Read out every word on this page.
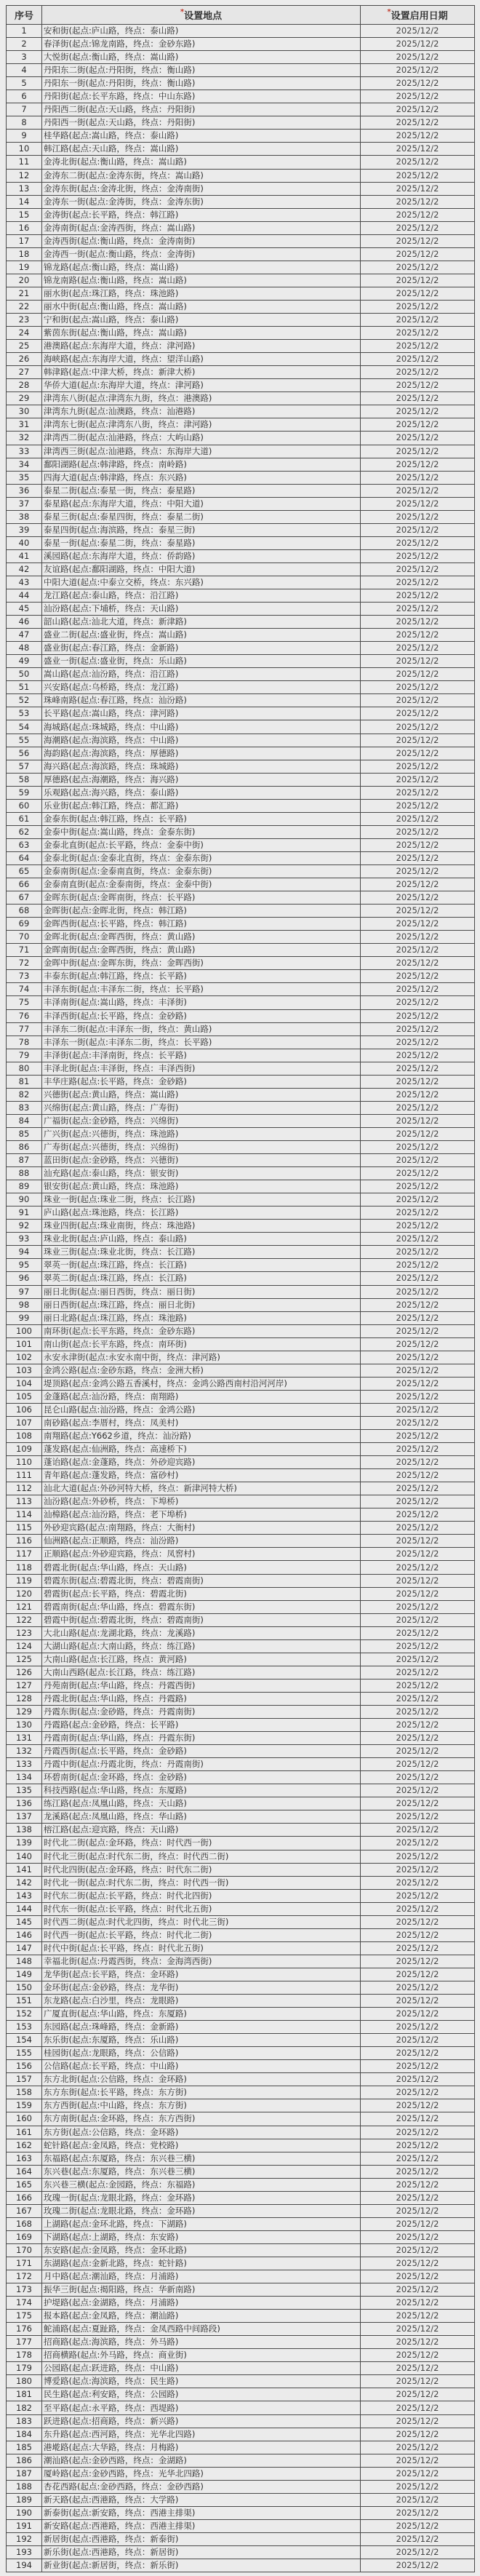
序号	*设置地点	*设置启用日期
1	安和街(起点:庐山路，终点：泰山路)	2025/12/2
2	春泽街(起点:锦龙南路，终点：金砂东路)	2025/12/2
3	大悦街(起点:衡山路，终点：嵩山路)	2025/12/2
4	丹阳东二街(起点:丹阳街，终点：衡山路)	2025/12/2
5	丹阳东一街(起点:丹阳街，终点：衡山路)	2025/12/2
6	丹阳街(起点:长平东路，终点：中山东路)	2025/12/2
7	丹阳西二街(起点:天山路，终点：丹阳街)	2025/12/2
8	丹阳西一街(起点:天山路，终点：丹阳街)	2025/12/2
9	桂华路(起点:嵩山路，终点：泰山路)	2025/12/2
10	韩江路(起点:天山路，终点：嵩山路)	2025/12/2
11	金涛北街(起点:衡山路，终点：嵩山路)	2025/12/2
12	金涛东二街(起点:金涛东街，终点：嵩山路)	2025/12/2
13	金涛东街(起点:金涛北街，终点：金涛南街)	2025/12/2
14	金涛东一街(起点:金涛街，终点：金涛东街)	2025/12/2
15	金涛街(起点:长平路，终点：韩江路)	2025/12/2
16	金涛南街(起点:金涛西街，终点：嵩山路)	2025/12/2
17	金涛西街(起点:衡山路，终点：金涛南街)	2025/12/2
18	金涛西一街(起点:衡山路，终点：金涛街)	2025/12/2
19	锦龙路(起点:衡山路，终点：嵩山路)	2025/12/2
20	锦龙南路(起点:衡山路，终点：嵩山路)	2025/12/2
21	丽水街(起点:珠江路，终点：珠池路)	2025/12/2
22	丽水中街(起点:衡山路，终点：嵩山路)	2025/12/2
23	宁和街(起点:嵩山路，终点：泰山路)	2025/12/2
24	紫茵东街(起点:衡山路，终点：嵩山路)	2025/12/2
25	港澳路(起点:东海岸大道，终点：津河路)	2025/12/2
26	海峡路(起点:东海岸大道，终点：望洋山路)	2025/12/2
27	韩津路(起点:中津大桥，终点：新津大桥)	2025/12/2
28	华侨大道(起点:东海岸大道，终点：津河路)	2025/12/2
29	津湾东八街(起点:津湾东九街，终点：港澳路)	2025/12/2
30	津湾东九街(起点:汕澳路，终点：汕港路)	2025/12/2
31	津湾东七街(起点:津湾东八街，终点：津河路)	2025/12/2
32	津湾西二街(起点:汕港路，终点：大屿山路)	2025/12/2
33	津湾西三街(起点:汕港路，终点：东海岸大道)	2025/12/2
34	鄱阳湖路(起点:韩津路，终点：南岭路)	2025/12/2
35	四海大道(起点:韩津路，终点：东兴路)	2025/12/2
36	泰星二街(起点:泰星一街，终点：泰星路)	2025/12/2
37	泰星路(起点:东海岸大道，终点：中阳大道)	2025/12/2
38	泰星三街(起点:泰星四街，终点：泰星二街)	2025/12/2
39	泰星四街(起点:海滨路，终点：泰星三街)	2025/12/2
40	泰星一街(起点:泰星二街，终点：泰星路)	2025/12/2
41	溪园路(起点:东海岸大道，终点：侨韵路)	2025/12/2
42	友谊路(起点:鄱阳湖路，终点：中阳大道)	2025/12/2
43	中阳大道(起点:中泰立交桥，终点：东兴路)	2025/12/2
44	龙江路(起点:泰山路，终点：沿江路)	2025/12/2
45	汕汾路(起点:下埔桥，终点：天山路)	2025/12/2
46	韶山路(起点:汕北大道，终点：新津路)	2025/12/2
47	盛业二街(起点:盛业街，终点：嵩山路)	2025/12/2
48	盛业街(起点:春江路，终点：金新路)	2025/12/2
49	盛业一街(起点:盛业街，终点：乐山路)	2025/12/2
50	嵩山路(起点:汕汾路，终点：沿江路)	2025/12/2
51	兴安路(起点:乌桥路，终点：龙江路)	2025/12/2
52	珠峰南路(起点:春江路，终点：汕汾路)	2025/12/2
53	长平路(起点:嵩山路，终点：津河路)	2025/12/2
54	海城路(起点:珠城路，终点：中山路)	2025/12/2
55	海潮路(起点:海滨路，终点：中山路)	2025/12/2
56	海韵路(起点:海滨路，终点：厚德路)	2025/12/2
57	海兴路(起点:海滨路，终点：珠城路)	2025/12/2
58	厚德路(起点:海潮路，终点：海兴路)	2025/12/2
59	乐观路(起点:海兴路，终点：泰山路)	2025/12/2
60	乐业街(起点:韩江路，终点：都汇路)	2025/12/2
61	金泰东街(起点:韩江路，终点：长平路)	2025/12/2
62	金泰中街(起点:嵩山路，终点：金泰东街)	2025/12/2
63	金泰北直街(起点:长平路，终点：金泰中街)	2025/12/2
64	金泰北街(起点:金泰北直街，终点：金泰东街)	2025/12/2
65	金泰南街(起点:金泰南直街，终点：金泰东街)	2025/12/2
66	金泰南直街(起点:金泰南街，终点：金泰中街)	2025/12/2
67	金晖东街(起点:金晖南街，终点：长平路)	2025/12/2
68	金晖街(起点:金晖北街，终点：韩江路)	2025/12/2
69	金晖西街(起点:长平路，终点：韩江路)	2025/12/2
70	金晖北街(起点:金晖西街，终点：黄山路)	2025/12/2
71	金晖南街(起点:金晖西街，终点：黄山路)	2025/12/2
72	金晖中街(起点:金晖东街，终点：金晖西街)	2025/12/2
73	丰泰东街(起点:韩江路，终点：长平路)	2025/12/2
74	丰泽东街(起点:丰泽东二街，终点：长平路)	2025/12/2
75	丰泽南街(起点:嵩山路，终点：丰泽街)	2025/12/2
76	丰泽西街(起点:长平路，终点：金砂路)	2025/12/2
77	丰泽东二街(起点:丰泽东一街，终点：黄山路)	2025/12/2
78	丰泽东一街(起点:丰泽东二街，终点：长平路)	2025/12/2
79	丰泽街(起点:丰泽南街，终点：长平路)	2025/12/2
80	丰泽北街(起点:丰泽街，终点：丰泽西街)	2025/12/2
81	丰华庄路(起点:长平路，终点：金砂路)	2025/12/2
82	兴德街(起点:黄山路，终点：嵩山路)	2025/12/2
83	兴绵街(起点:黄山路，终点：广寿街)	2025/12/2
84	广福街(起点:金砂路，终点：兴绵街)	2025/12/2
85	广兴街(起点:兴德街，终点：珠池路)	2025/12/2
86	广寿街(起点:兴德街，终点：兴绵街)	2025/12/2
87	蓝田街(起点:金砂路，终点：兴德街)	2025/12/2
88	汕充路(起点:泰山路，终点：银安街)	2025/12/2
89	银安街(起点:黄山路，终点：珠池路)	2025/12/2
90	珠业一街(起点:珠业二街，终点：长江路)	2025/12/2
91	庐山路(起点:珠池路，终点：长江路)	2025/12/2
92	珠业四街(起点:珠业南街，终点：珠池路)	2025/12/2
93	珠业北街(起点:庐山路，终点：泰山路)	2025/12/2
94	珠业三街(起点:珠业北街，终点：长江路)	2025/12/2
95	翠英一街(起点:珠江路，终点：长江路)	2025/12/2
96	翠英二街(起点:珠江路，终点：长江路)	2025/12/2
97	丽日北街(起点:丽日西街，终点：丽日街)	2025/12/2
98	丽日西街(起点:珠江路，终点：丽日北街)	2025/12/2
99	丽日北路(起点:珠江路，终点：珠池路)	2025/12/2
100	南环街(起点:长平东路，终点：金砂东路)	2025/12/2
101	南山街(起点:长平东路，终点：南环街)	2025/12/2
102	永安永津街(起点:永安永南中街，终点：津河路)	2025/12/2
103	金鸿公路(起点:金砂东路，终点：金洲大桥)	2025/12/2
104	堤顶路(起点:金鸿公路五香溪村，终点：金鸿公路西南村沿河河岸)	2025/12/2
105	金蓬路(起点:汕汾路，终点：南翔路)	2025/12/2
106	昆仑山路(起点:汕汾路，终点：金鸿公路)	2025/12/2
107	南砂路(起点:李厝村，终点：凤美村)	2025/12/2
108	南翔路(起点:Y662乡道，终点：汕汾路)	2025/12/2
109	蓬发路(起点:仙洲路，终点：高速桥下)	2025/12/2
110	蓬诒路(起点:金蓬路，终点：外砂迎宾路)	2025/12/2
111	青年路(起点:蓬发路，终点：富砂村)	2025/12/2
112	汕北大道(起点:外砂河特大桥，终点：新津河特大桥)	2025/12/2
113	汕汾路(起点:外砂桥，终点：下埠桥)	2025/12/2
114	汕樟路(起点:汕汾路，终点：老下埠桥)	2025/12/2
115	外砂迎宾路(起点:南翔路，终点：大衙村)	2025/12/2
116	仙洲路(起点:正顺路，终点：汕汾路)	2025/12/2
117	正顺路(起点:外砂迎宾路，终点：凤窖村)	2025/12/2
118	碧霞北街(起点:华山路，终点：天山路)	2025/12/2
119	碧霞东街(起点:碧霞北街，终点：碧霞南街)	2025/12/2
120	碧霞街(起点:长平路，终点：碧霞北街)	2025/12/2
121	碧霞南街(起点:华山路，终点：碧霞东街)	2025/12/2
122	碧霞中街(起点:碧霞北街，终点：碧霞南街)	2025/12/2
123	大北山路(起点:龙湖北路，终点：龙溪路)	2025/12/2
124	大湖山路(起点:大南山路，终点：练江路)	2025/12/2
125	大南山路(起点:长江路，终点：黄河路)	2025/12/2
126	大南山西路(起点:长江路，终点：练江路)	2025/12/2
127	丹苑南街(起点:华山路，终点：丹霞西街)	2025/12/2
128	丹霞北街(起点:华山路，终点：丹霞路)	2025/12/2
129	丹霞东街(起点:金砂路，终点：丹霞南街)	2025/12/2
130	丹霞路(起点:金砂路，终点：长平路)	2025/12/2
131	丹霞南街(起点:华山路，终点：丹霞东街)	2025/12/2
132	丹霞西街(起点:长平路，终点：金砂路)	2025/12/2
133	丹霞中街(起点:丹霞北街，终点：丹霞南街)	2025/12/2
134	环碧南街(起点:金环路，终点：金砂路)	2025/12/2
135	科技西路(起点:华山路，终点：东厦路)	2025/12/2
136	练江路(起点:凤凰山路，终点：天山路)	2025/12/2
137	龙溪路(起点:凤凰山路，终点：华山路)	2025/12/2
138	榕江路(起点:迎宾路，终点：天山路)	2025/12/2
139	时代北二街(起点:金环路，终点：时代西一街)	2025/12/2
140	时代北三街(起点:时代东二街，终点：时代西二街)	2025/12/2
141	时代北四街(起点:金环路，终点：时代东二街)	2025/12/2
142	时代北一街(起点:时代东二街，终点：时代西一街)	2025/12/2
143	时代东二街(起点:长平路，终点：时代北四街)	2025/12/2
144	时代东一街(起点:长平路，终点：时代北五街)	2025/12/2
145	时代西二街(起点:时代北四街，终点：时代北三街)	2025/12/2
146	时代西一街(起点:长平路，终点：时代北二街)	2025/12/2
147	时代中街(起点:长平路，终点：时代北五街)	2025/12/2
148	幸福北街(起点:丹霞西街，终点：金海湾西街)	2025/12/2
149	龙华街(起点:长平路，终点：金环路)	2025/12/2
150	金环街(起点:金砂路，终点：龙华街)	2025/12/2
151	东龙路(起点:白沙里，终点：龙眼路)	2025/12/2
152	广厦直街(起点:华山路，终点：东厦路)	2025/12/2
153	东园路(起点:珠峰路，终点：金新路)	2025/12/2
154	东乐街(起点:东厦路，终点：乐山路)	2025/12/2
155	桂园街(起点:龙眼路，终点：公信路)	2025/12/2
156	公信路(起点:长平路，终点：中山路)	2025/12/2
157	东方北街(起点:公信路，终点：金环路)	2025/12/2
158	东方东街(起点:长平路，终点：东方街)	2025/12/2
159	东方西街(起点:中山路，终点：东方街)	2025/12/2
160	东方南街(起点:金环路，终点：东方西街)	2025/12/2
161	东方街(起点:公信路，终点：金环路)	2025/12/2
162	蛇针路(起点:金凤路，终点：党校路)	2025/12/2
163	东福路(起点:东厦路，终点：东兴巷三横)	2025/12/2
164	东兴巷(起点:东厦路，终点：东兴巷三横)	2025/12/2
165	东兴巷三横(起点:金园路，终点：东福路)	2025/12/2
166	玫瑰一街(起点:龙眼北路，终点：金环路)	2025/12/2
167	玫瑰二街(起点:龙眼北路，终点：金环路)	2025/12/2
168	上湖路(起点:金环北路，终点：下湖路)	2025/12/2
169	下湖路(起点:上湖路，终点：东安路)	2025/12/2
170	东安路(起点:金凤路，终点：金环北路)	2025/12/2
171	东湖路(起点:金新北路，终点：蛇针路)	2025/12/2
172	月中路(起点:潮汕路，终点：月浦路)	2025/12/2
173	振华三街(起点:揭阳路，终点：华新南路)	2025/12/2
174	护堤路(起点:金湖路，终点：月浦路)	2025/12/2
175	报本路(起点:金凤路，终点：潮汕路)	2025/12/2
176	鮀浦路(起点:夏趾路，终点：金凤西路中间路段)	2025/12/2
177	招商路(起点:海滨路，终点：外马路)	2025/12/2
178	招商横路(起点:外马路，终点：商业街)	2025/12/2
179	公园路(起点:跃进路，终点：中山路)	2025/12/2
180	博爱路(起点:海滨路，终点：民生路)	2025/12/2
181	民生路(起点:利安路，终点：公园路)	2025/12/2
182	至平路(起点:永平路，终点：西堤路)	2025/12/2
183	跃进路(起点:招商路，终点：新兴路)	2025/12/2
184	东升路(起点:西河路，终点：光华北四路)	2025/12/2
185	港墘路(起点:大华路，终点：月梅路)	2025/12/2
186	潮汕路(起点:金砂西路，终点：金湖路)	2025/12/2
187	厦岭路(起点:金砂西路，终点：光华北四路)	2025/12/2
188	杏花西路(起点:金砂西路，终点：金砂西路)	2025/12/2
189	新天路(起点:西港路，终点：大学路)	2025/12/2
190	新泰街(起点:新安路，终点：西港主排渠)	2025/12/2
191	新安路(起点:西港路，终点：西港主排渠)	2025/12/2
192	新居街(起点:西港路，终点：新泰街)	2025/12/2
193	新乐街(起点:西港路，终点：新居街)	2025/12/2
194	新业街(起点:新居街，终点：新乐街)	2025/12/2
